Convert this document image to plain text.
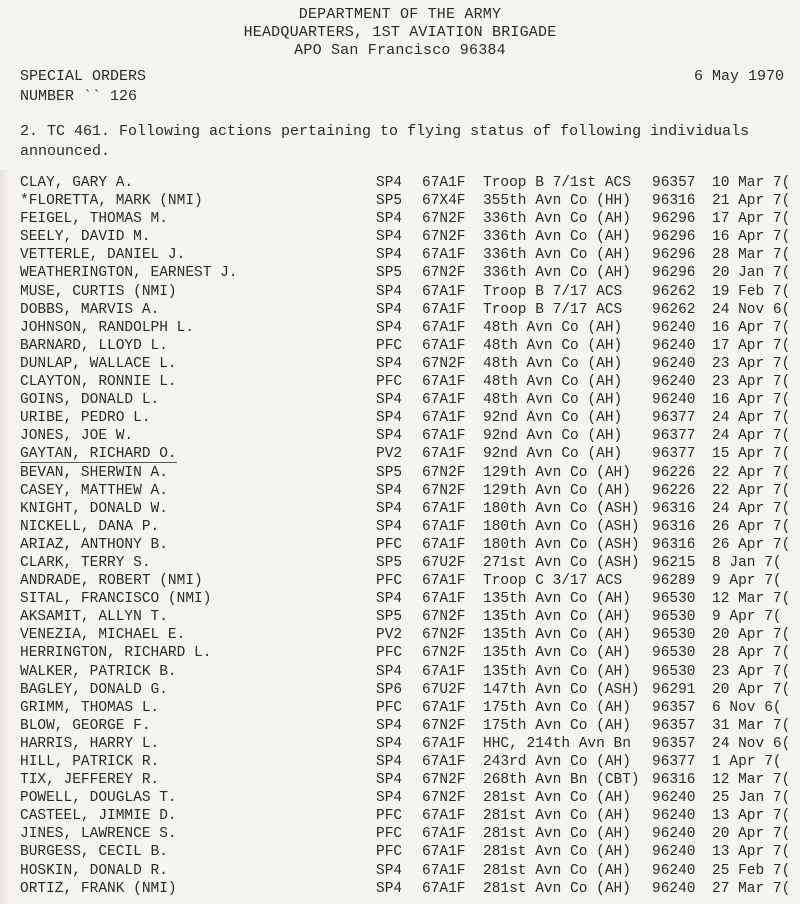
DEPARTMENT OF THE ARMY
HEADQUARTERS, 1ST AVIATION BRIGADE
APO San Francisco 96384
SPECIAL ORDERS
NUMBER `` 126
6 May 1970
2. TC 461. Following actions pertaining to flying status of following individuals announced.
CLAY, GARY A.	SP4 67A1F Troop B 7/1st ACS 96357 10 Mar 7(
*FLORETTA, MARK (NMI)	SP5 67X4F 355th Avn Co (HH) 96316 21 Apr 7(
FEIGEL, THOMAS M.	SP4 67N2F 336th Avn Co (AH) 96296 17 Apr 7(
SEELY, DAVID M.	SP4 67N2F 336th Avn Co (AH) 96296 16 Apr 7(
VETTERLE, DANIEL J.	SP4 67A1F 336th Avn Co (AH) 96296 28 Mar 7(
WEATHERINGTON, EARNEST J.	SP5 67N2F 336th Avn Co (AH) 96296 20 Jan 7(
MUSE, CURTIS (NMI)	SP4 67A1F Troop B 7/17 ACS 96262 19 Feb 7(
DOBBS, MARVIS A.	SP4 67A1F Troop B 7/17 ACS 96262 24 Nov 6(
JOHNSON, RANDOLPH L.	SP4 67A1F 48th Avn Co (AH) 96240 16 Apr 7(
BARNARD, LLOYD L.	PFC 67A1F 48th Avn Co (AH) 96240 17 Apr 7(
DUNLAP, WALLACE L.	SP4 67N2F 48th Avn Co (AH) 96240 23 Apr 7(
CLAYTON, RONNIE L.	PFC 67A1F 48th Avn Co (AH) 96240 23 Apr 7(
GOINS, DONALD L.	SP4 67A1F 48th Avn Co (AH) 96240 16 Apr 7(
URIBE, PEDRO L.	SP4 67A1F 92nd Avn Co (AH) 96377 24 Apr 7(
JONES, JOE W.	SP4 67A1F 92nd Avn Co (AH) 96377 24 Apr 7(
GAYTAN, RICHARD O.	PV2 67A1F 92nd Avn Co (AH) 96377 15 Apr 7(
BEVAN, SHERWIN A.	SP5 67N2F 129th Avn Co (AH) 96226 22 Apr 7(
CASEY, MATTHEW A.	SP4 67N2F 129th Avn Co (AH) 96226 22 Apr 7(
KNIGHT, DONALD W.	SP4 67A1F 180th Avn Co (ASH) 96316 24 Apr 7(
NICKELL, DANA P.	SP4 67A1F 180th Avn Co (ASH) 96316 26 Apr 7(
ARIAZ, ANTHONY B.	PFC 67A1F 180th Avn Co (ASH) 96316 26 Apr 7(
CLARK, TERRY S.	SP5 67U2F 271st Avn Co (ASH) 96215 8 Jan 7(
ANDRADE, ROBERT (NMI)	PFC 67A1F Troop C 3/17 ACS 96289 9 Apr 7(
SITAL, FRANCISCO (NMI)	SP4 67A1F 135th Avn Co (AH) 96530 12 Mar 7(
AKSAMIT, ALLYN T.	SP5 67N2F 135th Avn Co (AH) 96530 9 Apr 7(
VENEZIA, MICHAEL E.	PV2 67N2F 135th Avn Co (AH) 96530 20 Apr 7(
HERRINGTON, RICHARD L.	PFC 67N2F 135th Avn Co (AH) 96530 28 Apr 7(
WALKER, PATRICK B.	SP4 67A1F 135th Avn Co (AH) 96530 23 Apr 7(
BAGLEY, DONALD G.	SP6 67U2F 147th Avn Co (ASH) 96291 20 Apr 7(
GRIMM, THOMAS L.	PFC 67A1F 175th Avn Co (AH) 96357 6 Nov 6(
BLOW, GEORGE F.	SP4 67N2F 175th Avn Co (AH) 96357 31 Mar 7(
HARRIS, HARRY L.	SP4 67A1F HHC, 214th Avn Bn 96357 24 Nov 6(
HILL, PATRICK R.	SP4 67A1F 243rd Avn Co (AH) 96377 1 Apr 7(
TIX, JEFFEREY R.	SP4 67N2F 268th Avn Bn (CBT) 96316 12 Mar 7(
POWELL, DOUGLAS T.	SP4 67N2F 281st Avn Co (AH) 96240 25 Jan 7(
CASTEEL, JIMMIE D.	PFC 67A1F 281st Avn Co (AH) 96240 13 Apr 7(
JINES, LAWRENCE S.	PFC 67A1F 281st Avn Co (AH) 96240 20 Apr 7(
BURGESS, CECIL B.	PFC 67A1F 281st Avn Co (AH) 96240 13 Apr 7(
HOSKIN, DONALD R.	SP4 67A1F 281st Avn Co (AH) 96240 25 Feb 7(
ORTIZ, FRANK (NMI)	SP4 67A1F 281st Avn Co (AH) 96240 27 Mar 7(
